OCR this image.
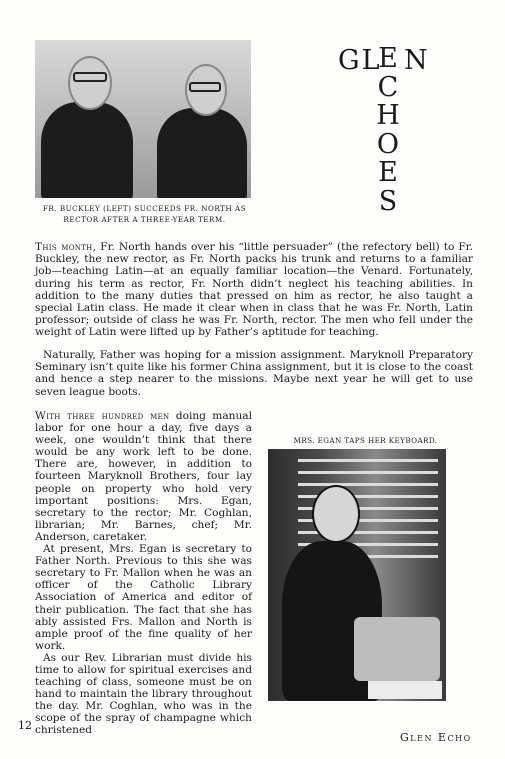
FR. BUCKLEY (LEFT) SUCCEEDS FR. NORTH AS RECTOR AFTER A THREE-YEAR TERM.
GL
E
C
H
O
E
S
N

This month, Fr. North hands over his “little persuader” (the refectory bell) to Fr. Buckley, the new rector, as Fr. North packs his trunk and returns to a familiar job—teaching Latin—at an equally familiar location—the Venard. Fortunately, during his term as rector, Fr. North didn’t neglect his teaching abilities. In addition to the many duties that pressed on him as rector, he also taught a special Latin class. He made it clear when in class that he was Fr. North, Latin professor; outside of class he was Fr. North, rector. The men who fell under the weight of Latin were lifted up by Father’s aptitude for teaching.

Naturally, Father was hoping for a mission assignment. Maryknoll Preparatory Seminary isn’t quite like his former China assignment, but it is close to the coast and hence a step nearer to the missions. Maybe next year he will get to use seven league boots.

With three hundred men doing manual labor for one hour a day, five days a week, one wouldn’t think that there would be any work left to be done. There are, however, in addition to fourteen Maryknoll Brothers, four lay people on property who hold very important positions: Mrs. Egan, secretary to the rector; Mr. Coghlan, librarian; Mr. Barnes, chef; Mr. Anderson, caretaker.

At present, Mrs. Egan is secretary to Father North. Previous to this she was secretary to Fr. Mallon when he was an officer of the Catholic Library Association of America and editor of their publication. The fact that she has ably assisted Frs. Mallon and North is ample proof of the fine quality of her work.

As our Rev. Librarian must divide his time to allow for spiritual exercises and teaching of class, someone must be on hand to maintain the library throughout the day. Mr. Coghlan, who was in the scope of the spray of champagne which christened

MRS. EGAN TAPS HER KEYBOARD.
12
Glen Echo
